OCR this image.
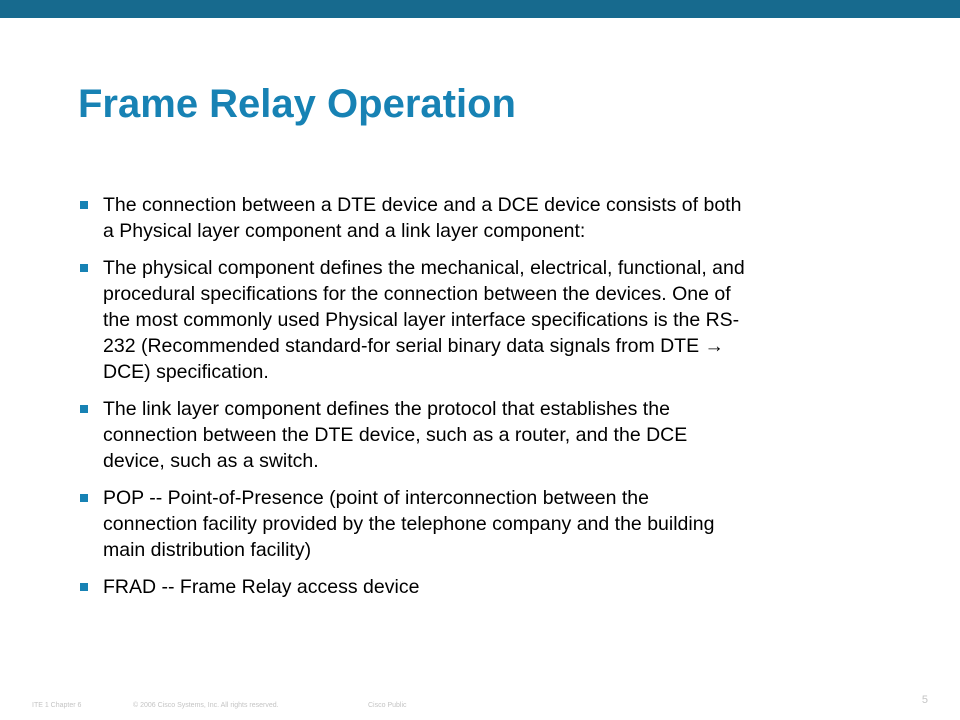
Frame Relay Operation
The connection between a DTE device and a DCE device consists of both
a Physical layer component and a link layer component:
The physical component defines the mechanical, electrical, functional, and
procedural specifications for the connection between the devices. One of
the most commonly used Physical layer interface specifications is the RS-
232 (Recommended standard-for serial binary data signals from DTE →
DCE) specification.
The link layer component defines the protocol that establishes the
connection between the DTE device, such as a router, and the DCE
device, such as a switch.
POP -- Point-of-Presence (point of interconnection between the
connection facility provided by the telephone company and the building
main distribution facility)
FRAD -- Frame Relay access device
ITE 1 Chapter 6	© 2006 Cisco Systems, Inc. All rights reserved.	Cisco Public	5
